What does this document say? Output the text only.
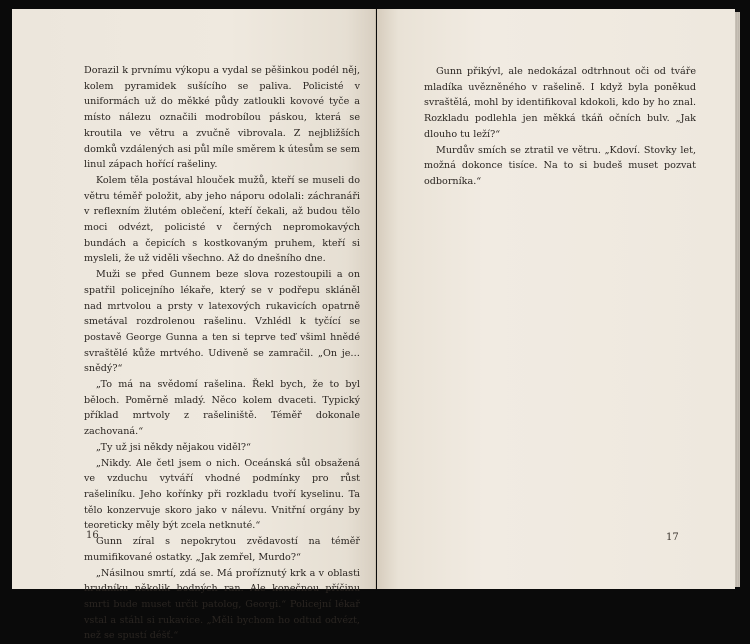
Dorazil k prvnímu výkopu a vydal se pěšinkou podél něj, kolem pyramidek sušícího se paliva. Policisté v uniformách už do měkké půdy zatloukli kovové tyče a místo nálezu označili modrobílou páskou, která se kroutila ve větru a zvučně vibrovala. Z nejbližších domků vzdálených asi půl míle směrem k útesům se sem linul zápach hořící rašeliny.

Kolem těla postával hlouček mužů, kteří se museli do větru téměř položit, aby jeho náporu odolali: záchranáři v reflexním žlutém oblečení, kteří čekali, až budou tělo moci odvézt, policisté v černých nepromokavých bundách a čepicích s kostkovaným pruhem, kteří si mysleli, že už viděli všechno. Až do dnešního dne.

Muži se před Gunnem beze slova rozestoupili a on spatřil policejního lékaře, který se v podřepu skláněl nad mrtvolou a prsty v latexových rukavicích opatrně smetával rozdrolenou rašelinu. Vzhlédl k tyčící se postavě George Gunna a ten si teprve teď všiml hnědé svraštělé kůže mrtvého. Udiveně se zamračil. „On je… snědý?“

„To má na svědomí rašelina. Řekl bych, že to byl běloch. Poměrně mladý. Něco kolem dvaceti. Typický příklad mrtvoly z rašeliniště. Téměř dokonale zachovaná.“

„Ty už jsi někdy nějakou viděl?“

„Nikdy. Ale četl jsem o nich. Oceánská sůl obsažená ve vzduchu vytváří vhodné podmínky pro růst rašeliníku. Jeho kořínky při rozkladu tvoří kyselinu. Ta tělo konzervuje skoro jako v nálevu. Vnitřní orgány by teoreticky měly být zcela netknuté.“

Gunn zíral s nepokrytou zvědavostí na téměř mumifikované ostatky. „Jak zemřel, Murdo?“

„Násilnou smrtí, zdá se. Má proříznutý krk a v oblasti hrudníku několik bodných ran. Ale konečnou příčinu smrti bude muset určit patolog, Georgi.“ Policejní lékař vstal a stáhl si rukavice. „Měli bychom ho odtud odvézt, než se spustí déšť.“

16

Gunn přikývl, ale nedokázal odtrhnout oči od tváře mladíka uvězněného v rašelině. I když byla poněkud svraštělá, mohl by identifikoval kdokoli, kdo by ho znal. Rozkladu podlehla jen měkká tkáň očních bulv. „Jak dlouho tu leží?“

Murdův smích se ztratil ve větru. „Kdoví. Stovky let, možná dokonce tisíce. Na to si budeš muset pozvat odborníka.“

17
